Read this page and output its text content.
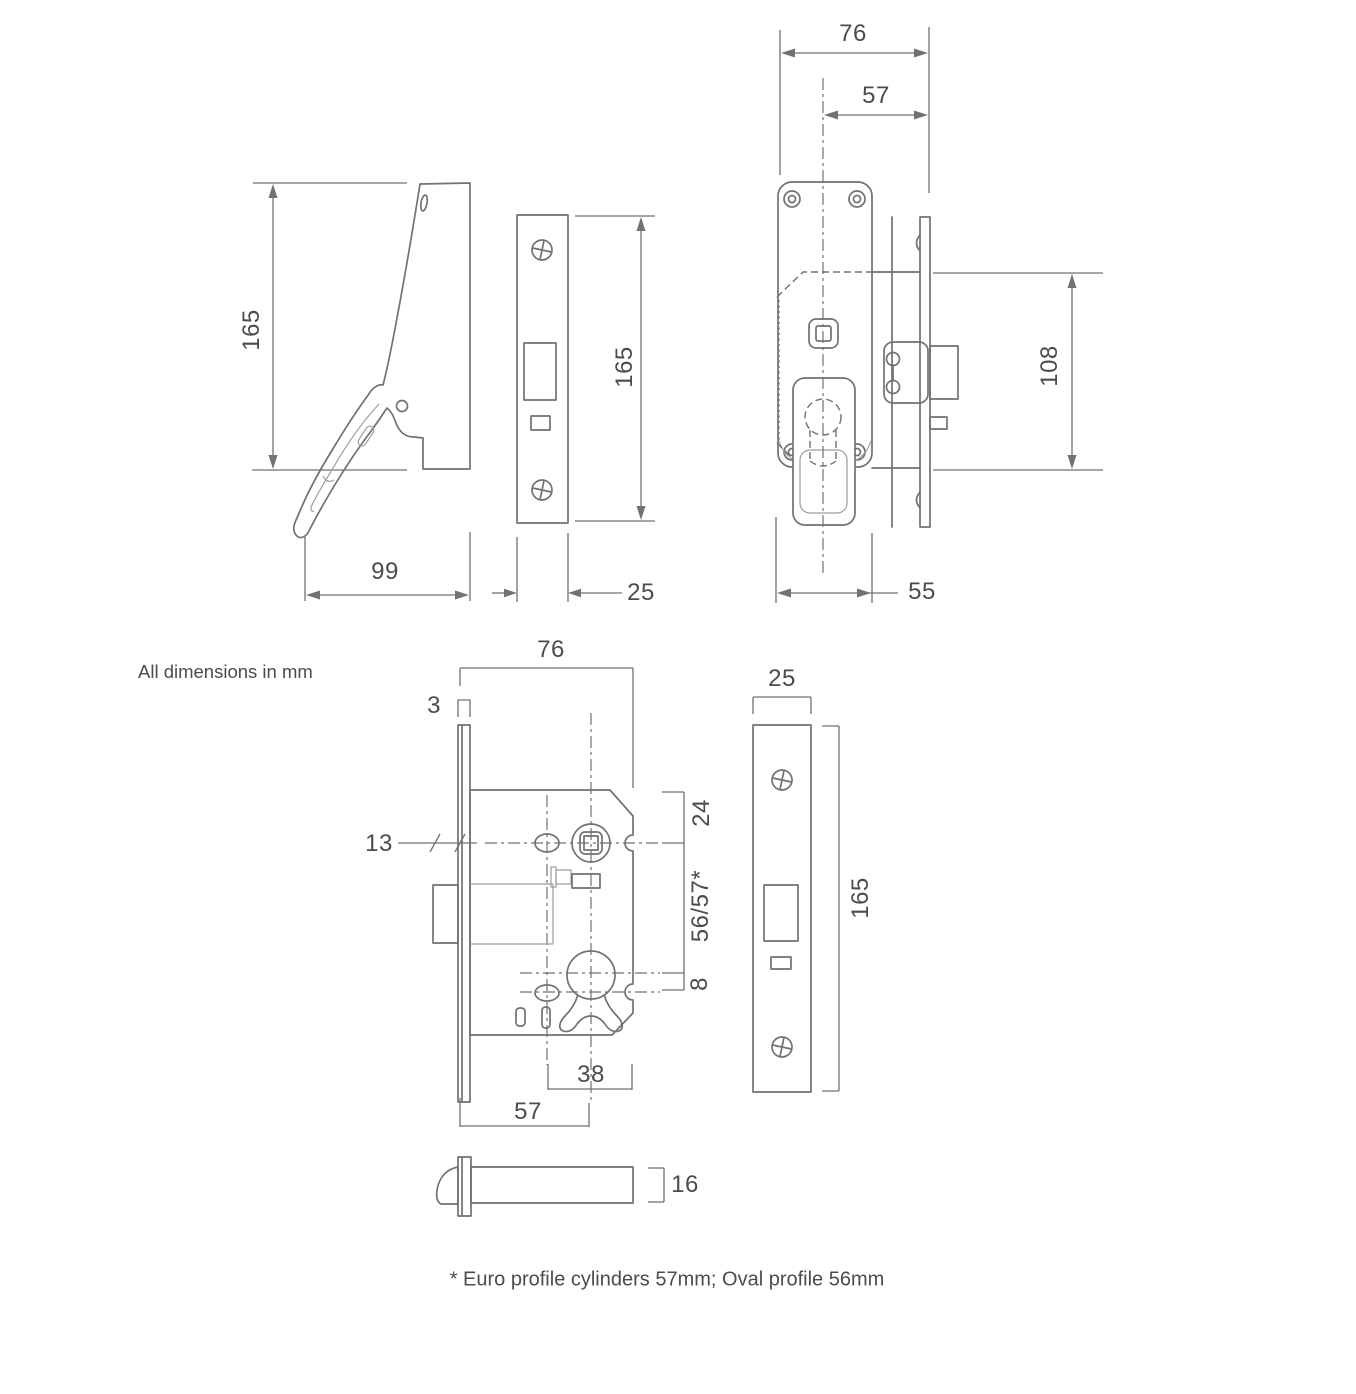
165
99
165
25
76
57
108
55
All dimensions in mm
76
3
13
24
56/57*
8
38
57
16
25
165
* Euro profile cylinders 57mm; Oval profile 56mm
